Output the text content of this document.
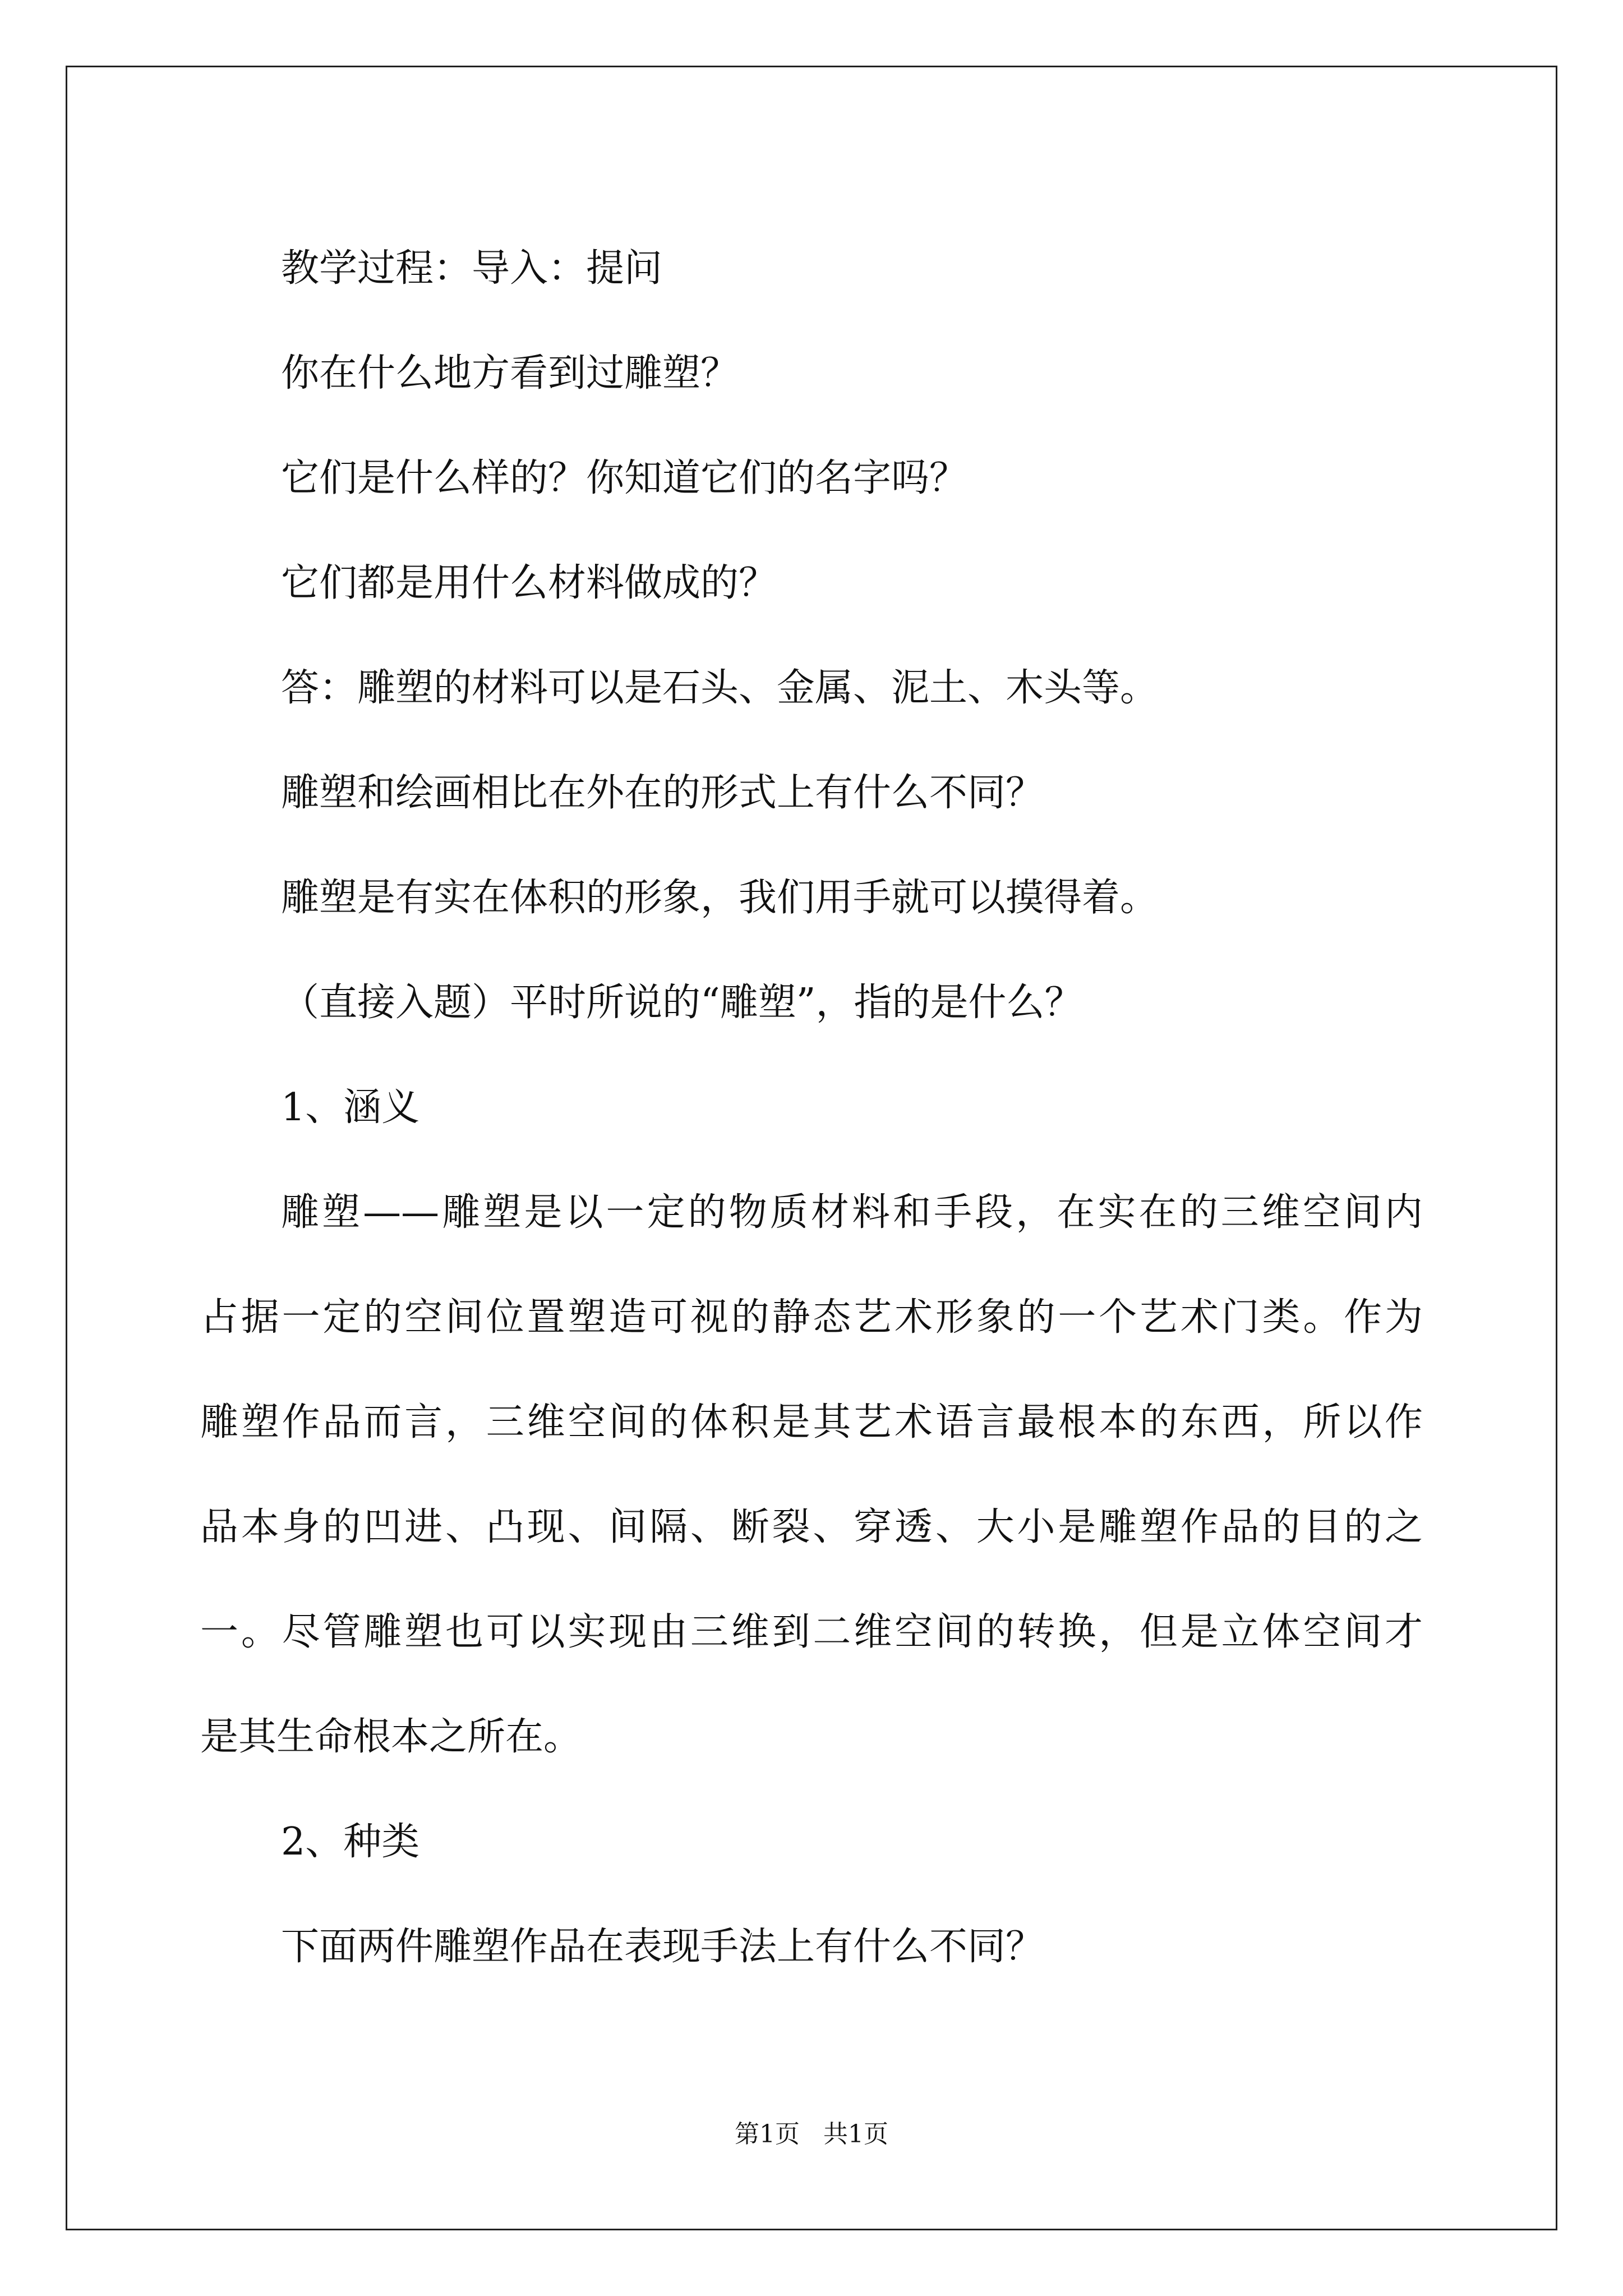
教学过程：导入：提问

你在什么地方看到过雕塑？

它们是什么样的？你知道它们的名字吗？

它们都是用什么材料做成的？

答：雕塑的材料可以是石头、金属、泥土、木头等。

雕塑和绘画相比在外在的形式上有什么不同？

雕塑是有实在体积的形象，我们用手就可以摸得着。

（直接入题）平时所说的“雕塑”，指的是什么？

1、涵义

雕塑——雕塑是以一定的物质材料和手段，在实在的三维空间内

占据一定的空间位置塑造可视的静态艺术形象的一个艺术门类。作为

雕塑作品而言，三维空间的体积是其艺术语言最根本的东西，所以作

品本身的凹进、凸现、间隔、断裂、穿透、大小是雕塑作品的目的之

一。尽管雕塑也可以实现由三维到二维空间的转换，但是立体空间才

是其生命根本之所在。

2、种类

下面两件雕塑作品在表现手法上有什么不同？

第1页   共1页
